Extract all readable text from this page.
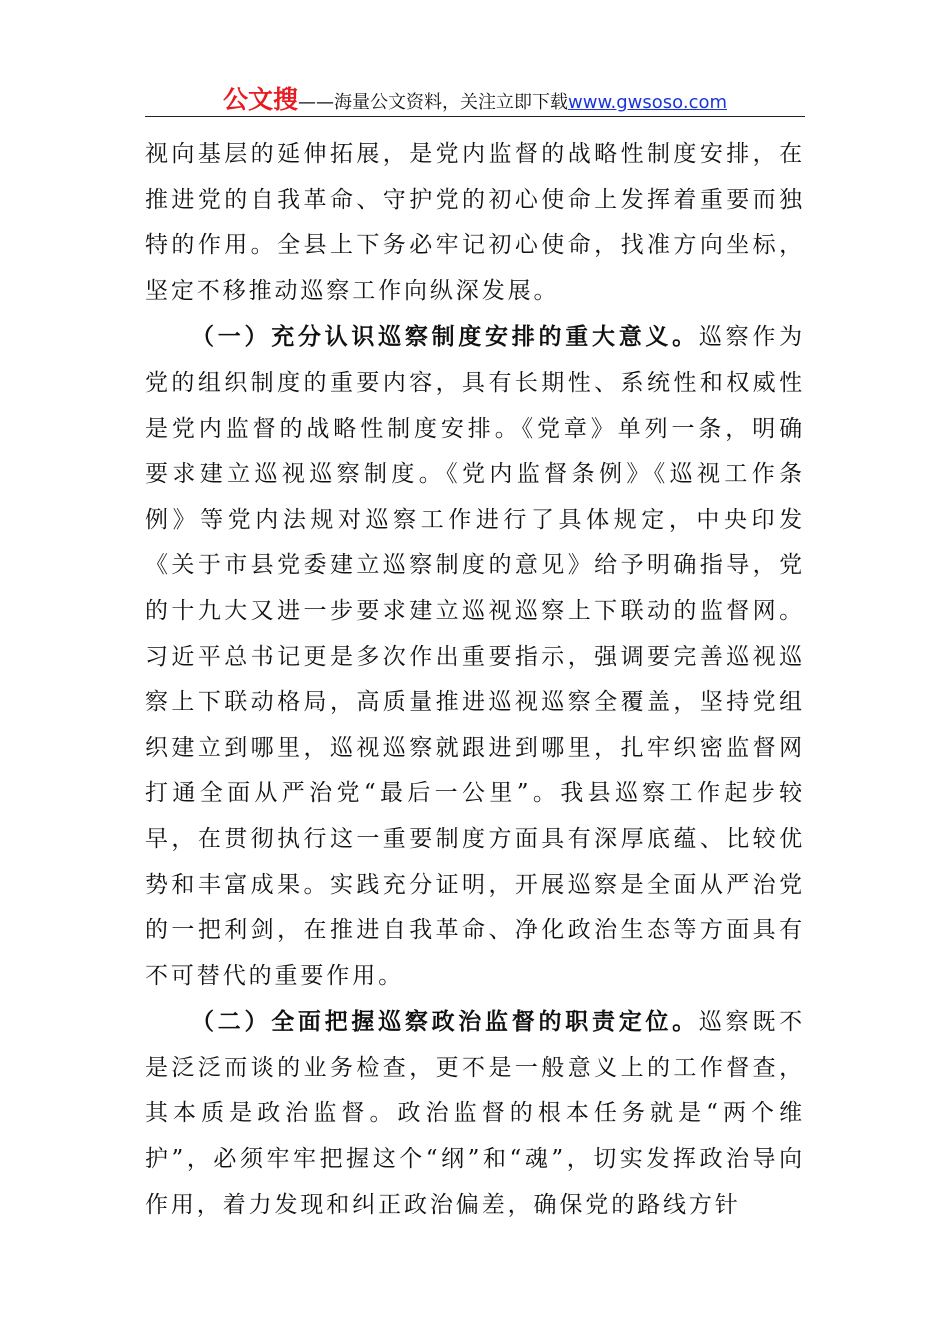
公文搜——海量公文资料，关注立即下载www.gwsoso.com

视向基层的延伸拓展，是党内监督的战略性制度安排，在推进党的自我革命、守护党的初心使命上发挥着重要而独特的作用。全县上下务必牢记初心使命，找准方向坐标，坚定不移推动巡察工作向纵深发展。

（一）充分认识巡察制度安排的重大意义。巡察作为党的组织制度的重要内容，具有长期性、系统性和权威性是党内监督的战略性制度安排。《党章》单列一条，明确要求建立巡视巡察制度。《党内监督条例》《巡视工作条例》等党内法规对巡察工作进行了具体规定，中央印发《关于市县党委建立巡察制度的意见》给予明确指导，党的十九大又进一步要求建立巡视巡察上下联动的监督网。习近平总书记更是多次作出重要指示，强调要完善巡视巡察上下联动格局，高质量推进巡视巡察全覆盖，坚持党组织建立到哪里，巡视巡察就跟进到哪里，扎牢织密监督网打通全面从严治党“最后一公里”。我县巡察工作起步较早，在贯彻执行这一重要制度方面具有深厚底蕴、比较优势和丰富成果。实践充分证明，开展巡察是全面从严治党的一把利剑，在推进自我革命、净化政治生态等方面具有不可替代的重要作用。

（二）全面把握巡察政治监督的职责定位。巡察既不是泛泛而谈的业务检查，更不是一般意义上的工作督查，其本质是政治监督。政治监督的根本任务就是“两个维护”，必须牢牢把握这个“纲”和“魂”，切实发挥政治导向作用，着力发现和纠正政治偏差，确保党的路线方针
